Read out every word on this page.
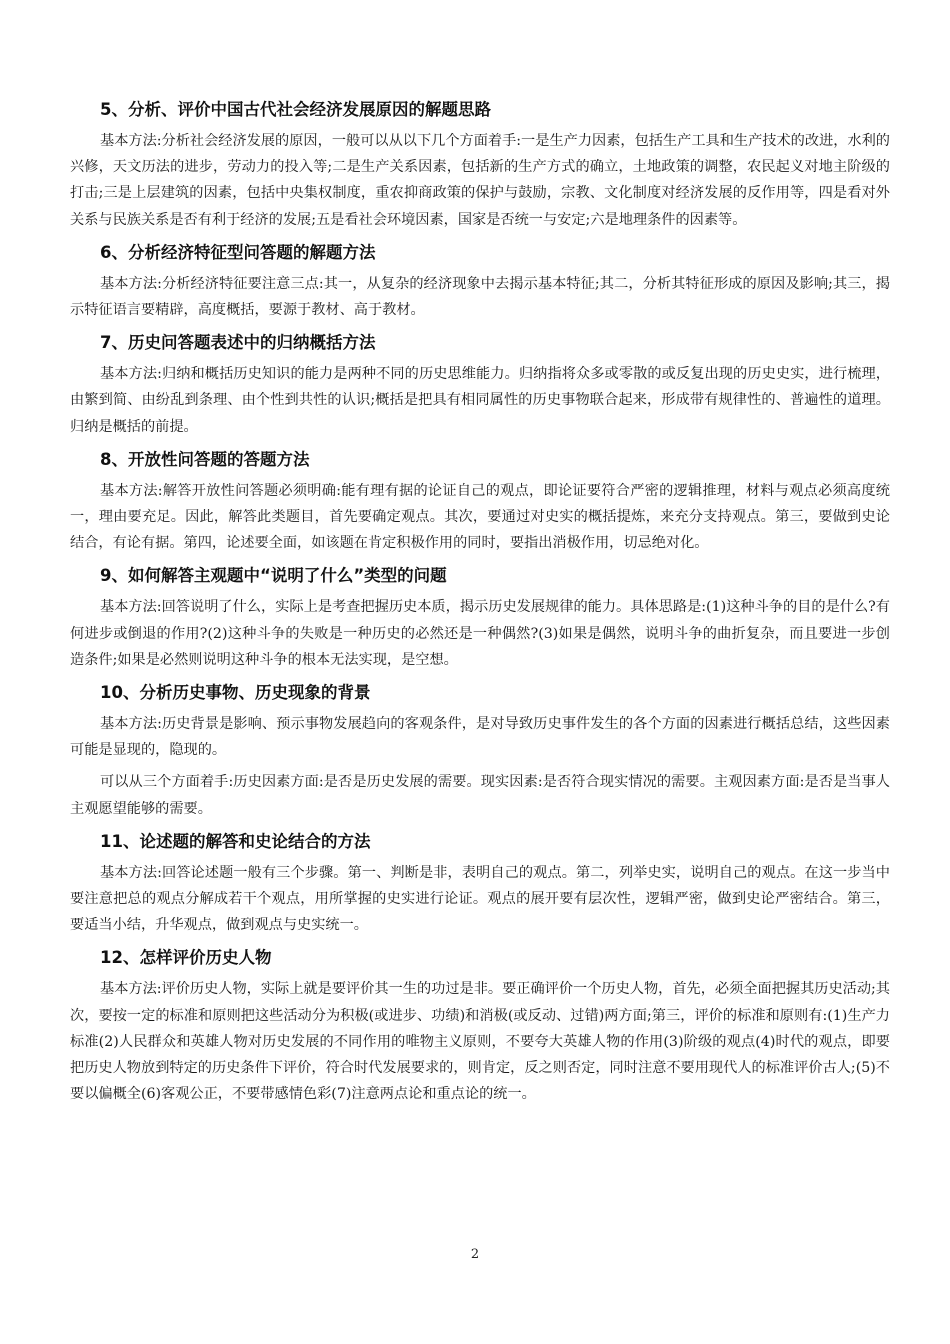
5、分析、评价中国古代社会经济发展原因的解题思路

基本方法:分析社会经济发展的原因，一般可以从以下几个方面着手:一是生产力因素，包括生产工具和生产技术的改进，水利的兴修，天文历法的进步，劳动力的投入等;二是生产关系因素，包括新的生产方式的确立，土地政策的调整，农民起义对地主阶级的打击;三是上层建筑的因素，包括中央集权制度，重农抑商政策的保护与鼓励，宗教、文化制度对经济发展的反作用等，四是看对外关系与民族关系是否有利于经济的发展;五是看社会环境因素，国家是否统一与安定;六是地理条件的因素等。

6、分析经济特征型问答题的解题方法

基本方法:分析经济特征要注意三点:其一，从复杂的经济现象中去揭示基本特征;其二，分析其特征形成的原因及影响;其三，揭示特征语言要精辟，高度概括，要源于教材、高于教材。

7、历史问答题表述中的归纳概括方法

基本方法:归纳和概括历史知识的能力是两种不同的历史思维能力。归纳指将众多或零散的或反复出现的历史史实，进行梳理，由繁到简、由纷乱到条理、由个性到共性的认识;概括是把具有相同属性的历史事物联合起来，形成带有规律性的、普遍性的道理。归纳是概括的前提。

8、开放性问答题的答题方法

基本方法:解答开放性问答题必须明确:能有理有据的论证自己的观点，即论证要符合严密的逻辑推理，材料与观点必须高度统一，理由要充足。因此，解答此类题目，首先要确定观点。其次，要通过对史实的概括提炼，来充分支持观点。第三，要做到史论结合，有论有据。第四，论述要全面，如该题在肯定积极作用的同时，要指出消极作用，切忌绝对化。

9、如何解答主观题中“说明了什么”类型的问题

基本方法:回答说明了什么，实际上是考查把握历史本质，揭示历史发展规律的能力。具体思路是:(1)这种斗争的目的是什么?有何进步或倒退的作用?(2)这种斗争的失败是一种历史的必然还是一种偶然?(3)如果是偶然，说明斗争的曲折复杂，而且要进一步创造条件;如果是必然则说明这种斗争的根本无法实现，是空想。

10、分析历史事物、历史现象的背景

基本方法:历史背景是影响、预示事物发展趋向的客观条件，是对导致历史事件发生的各个方面的因素进行概括总结，这些因素可能是显现的，隐现的。

可以从三个方面着手:历史因素方面:是否是历史发展的需要。现实因素:是否符合现实情况的需要。主观因素方面:是否是当事人主观愿望能够的需要。

11、论述题的解答和史论结合的方法

基本方法:回答论述题一般有三个步骤。第一、判断是非，表明自己的观点。第二，列举史实，说明自己的观点。在这一步当中要注意把总的观点分解成若干个观点，用所掌握的史实进行论证。观点的展开要有层次性，逻辑严密，做到史论严密结合。第三，要适当小结，升华观点，做到观点与史实统一。

12、怎样评价历史人物

基本方法:评价历史人物，实际上就是要评价其一生的功过是非。要正确评价一个历史人物，首先，必须全面把握其历史活动;其次，要按一定的标准和原则把这些活动分为积极(或进步、功绩)和消极(或反动、过错)两方面;第三，评价的标准和原则有:(1)生产力标准(2)人民群众和英雄人物对历史发展的不同作用的唯物主义原则，不要夸大英雄人物的作用(3)阶级的观点(4)时代的观点，即要把历史人物放到特定的历史条件下评价，符合时代发展要求的，则肯定，反之则否定，同时注意不要用现代人的标准评价古人;(5)不要以偏概全(6)客观公正，不要带感情色彩(7)注意两点论和重点论的统一。

2
